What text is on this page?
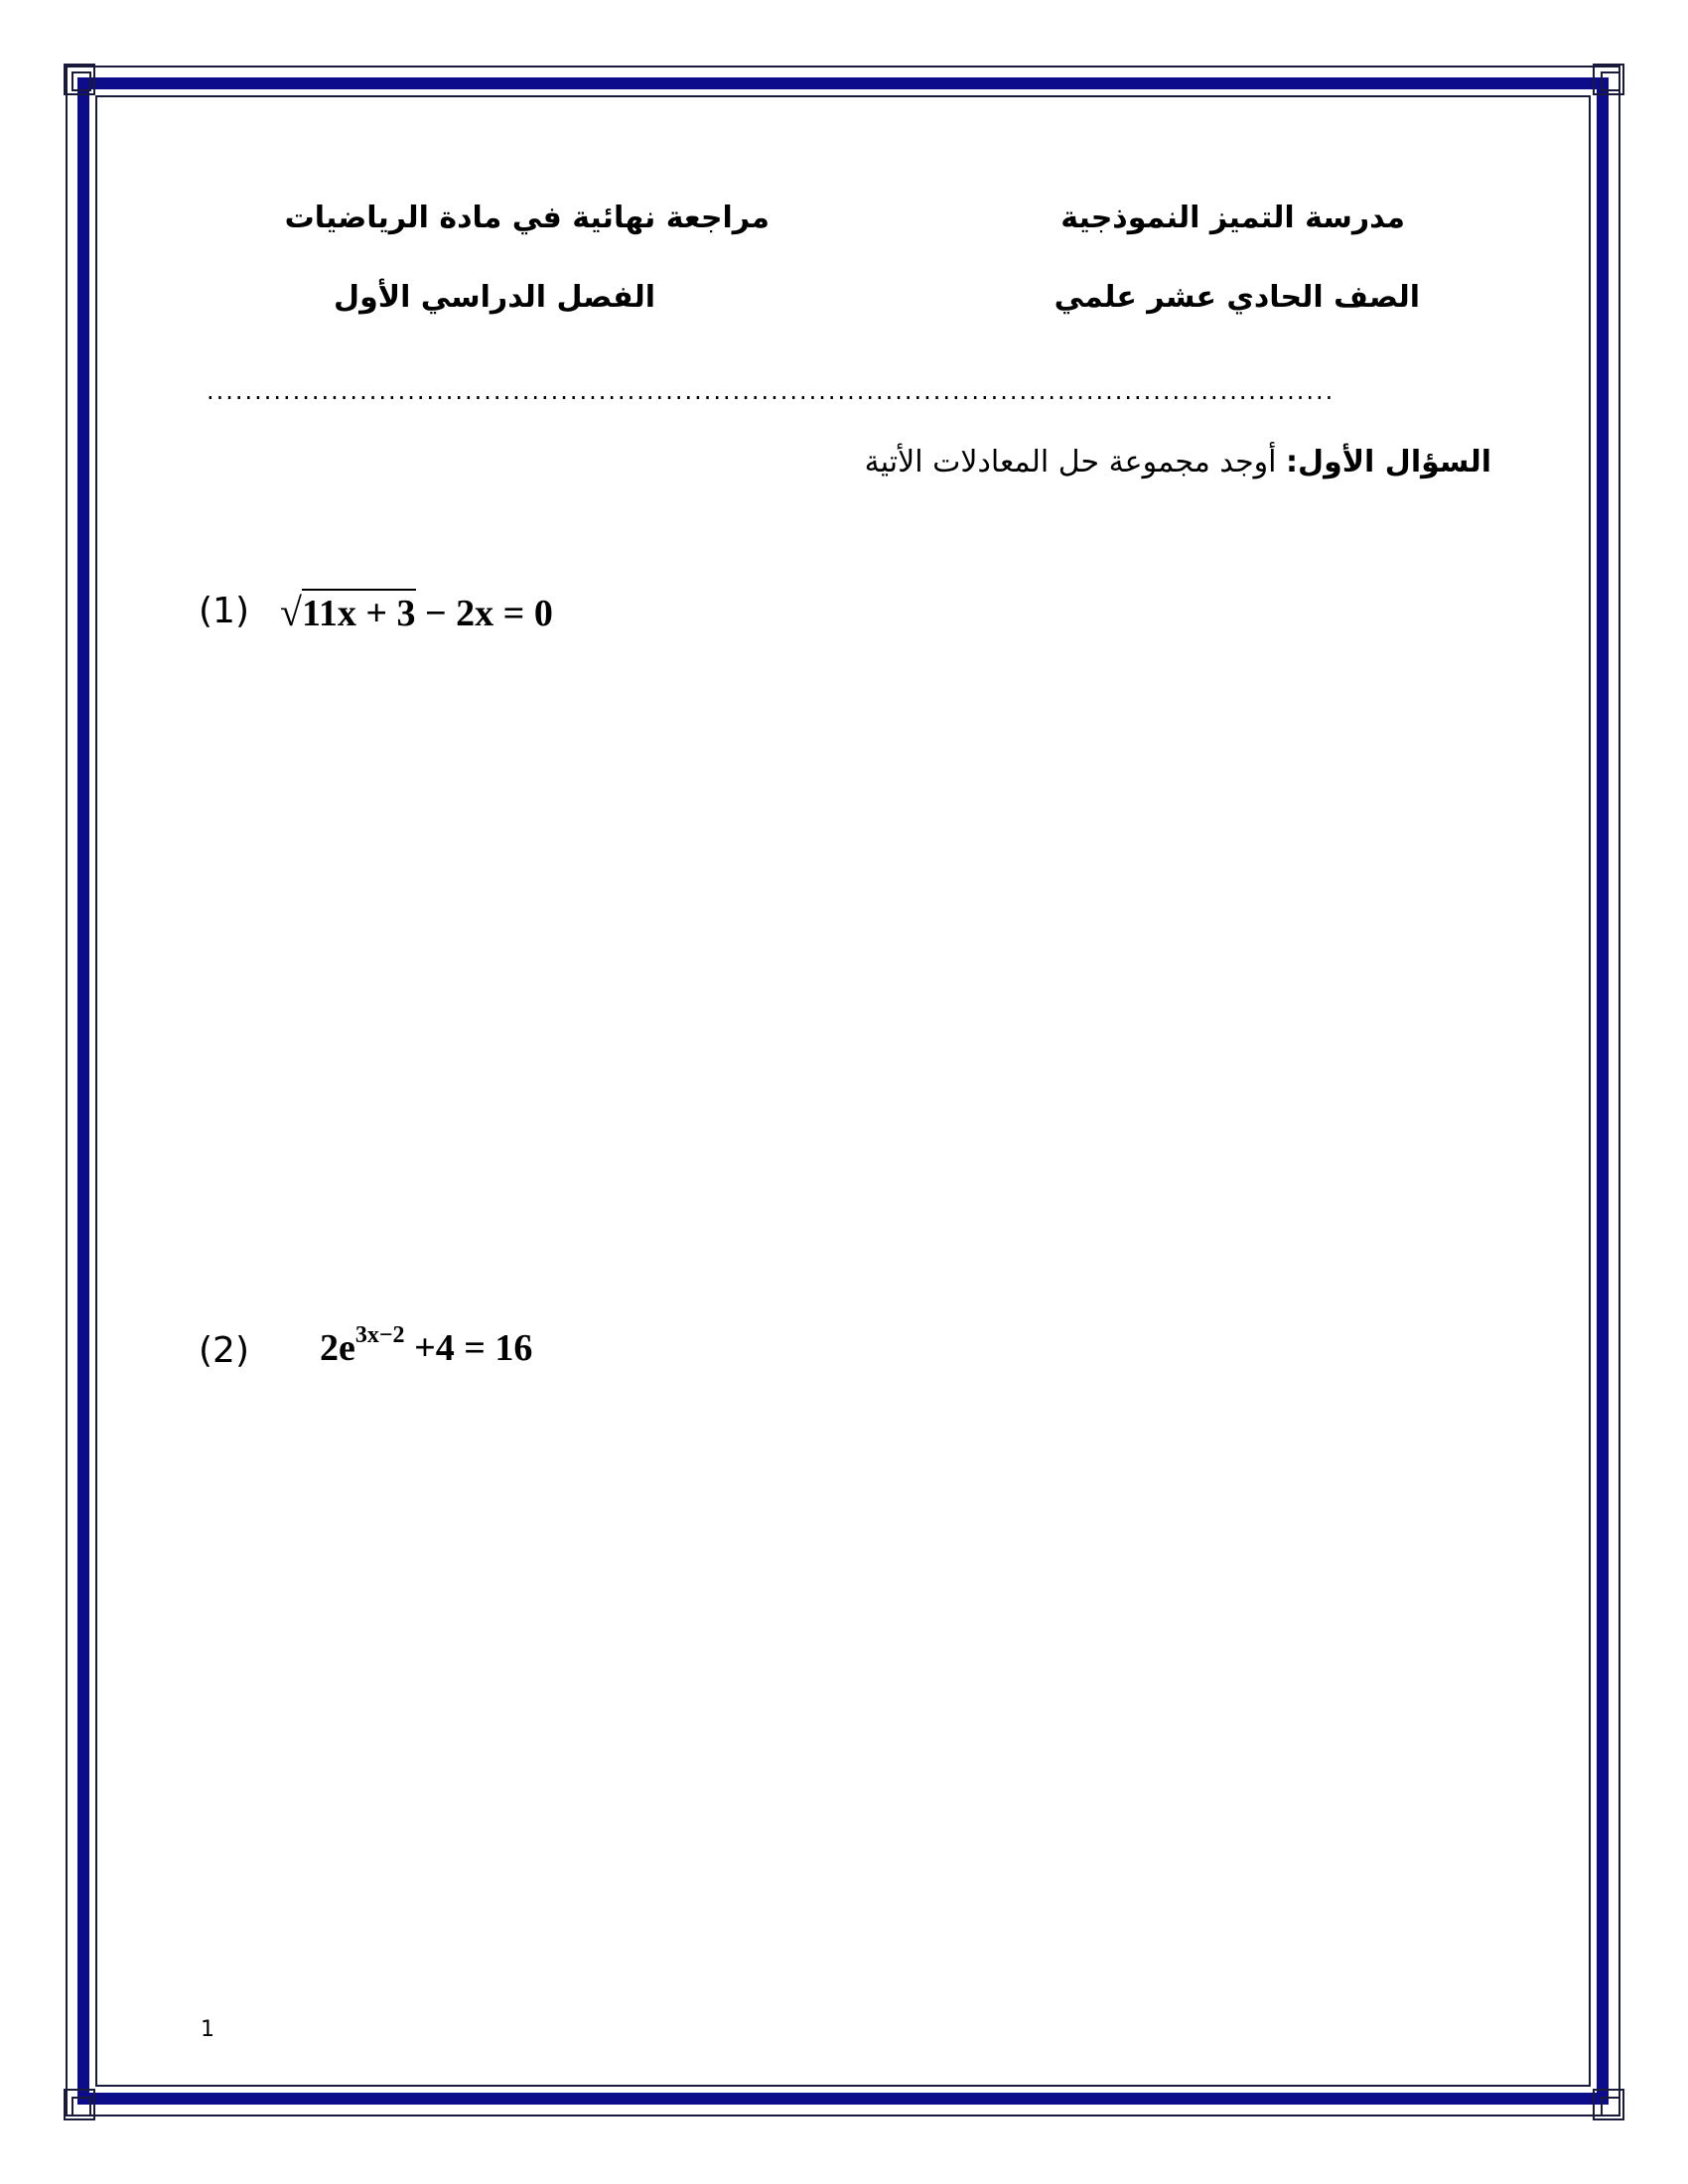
مدرسة التميز النموذجية
الصف الحادي عشر علمي
مراجعة نهائية في مادة الرياضيات
الفصل الدراسي الأول
......................................................................................................................
السؤال الأول: أوجد مجموعة حل المعادلات الأتية
(1) √11x + 3 − 2x = 0
(2) $2e^{3x-2} +4 = 16$
1
